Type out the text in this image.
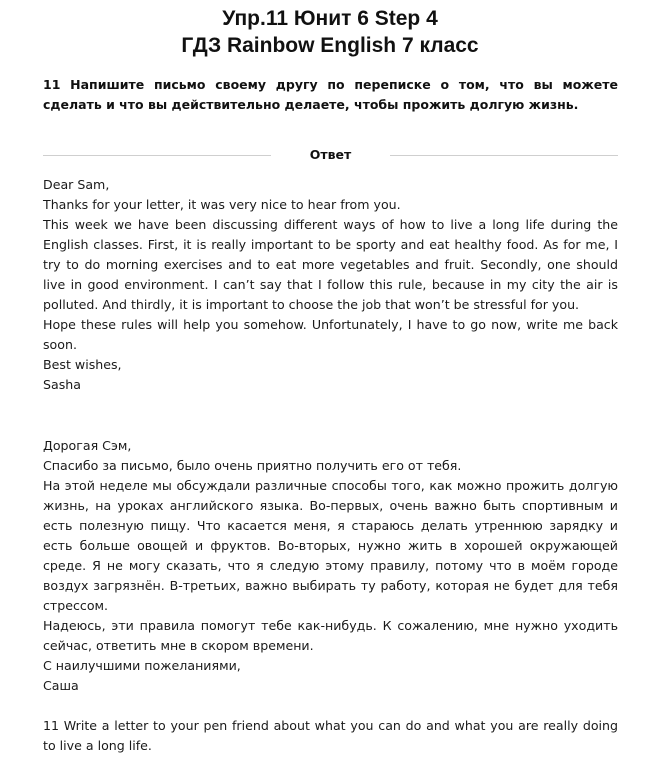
Упр.11 Юнит 6 Step 4
ГДЗ Rainbow English 7 класс
11 Напишите письмо своему другу по переписке о том, что вы можете сделать и что вы действительно делаете, чтобы прожить долгую жизнь.
Ответ

Dear Sam,

Thanks for your letter, it was very nice to hear from you.

This week we have been discussing different ways of how to live a long life during the English classes. First, it is really important to be sporty and eat healthy food. As for me, I try to do morning exercises and to eat more vegetables and fruit. Secondly, one should live in good environment. I can’t say that I follow this rule, because in my city the air is polluted. And thirdly, it is important to choose the job that won’t be stressful for you.

Hope these rules will help you somehow. Unfortunately, I have to go now, write me back soon.

Best wishes,

Sasha

Дорогая Сэм,

Спасибо за письмо, было очень приятно получить его от тебя.

На этой неделе мы обсуждали различные способы того, как можно прожить долгую жизнь, на уроках английского языка. Во-первых, очень важно быть спортивным и есть полезную пищу. Что касается меня, я стараюсь делать утреннюю зарядку и есть больше овощей и фруктов. Во-вторых, нужно жить в хорошей окружающей среде. Я не могу сказать, что я следую этому правилу, потому что в моём городе воздух загрязнён. В-третьих, важно выбирать ту работу, которая не будет для тебя стрессом.

Надеюсь, эти правила помогут тебе как-нибудь. К сожалению, мне нужно уходить сейчас, ответить мне в скором времени.

С наилучшими пожеланиями,

Саша

11 Write a letter to your pen friend about what you can do and what you are really doing to live a long life.
